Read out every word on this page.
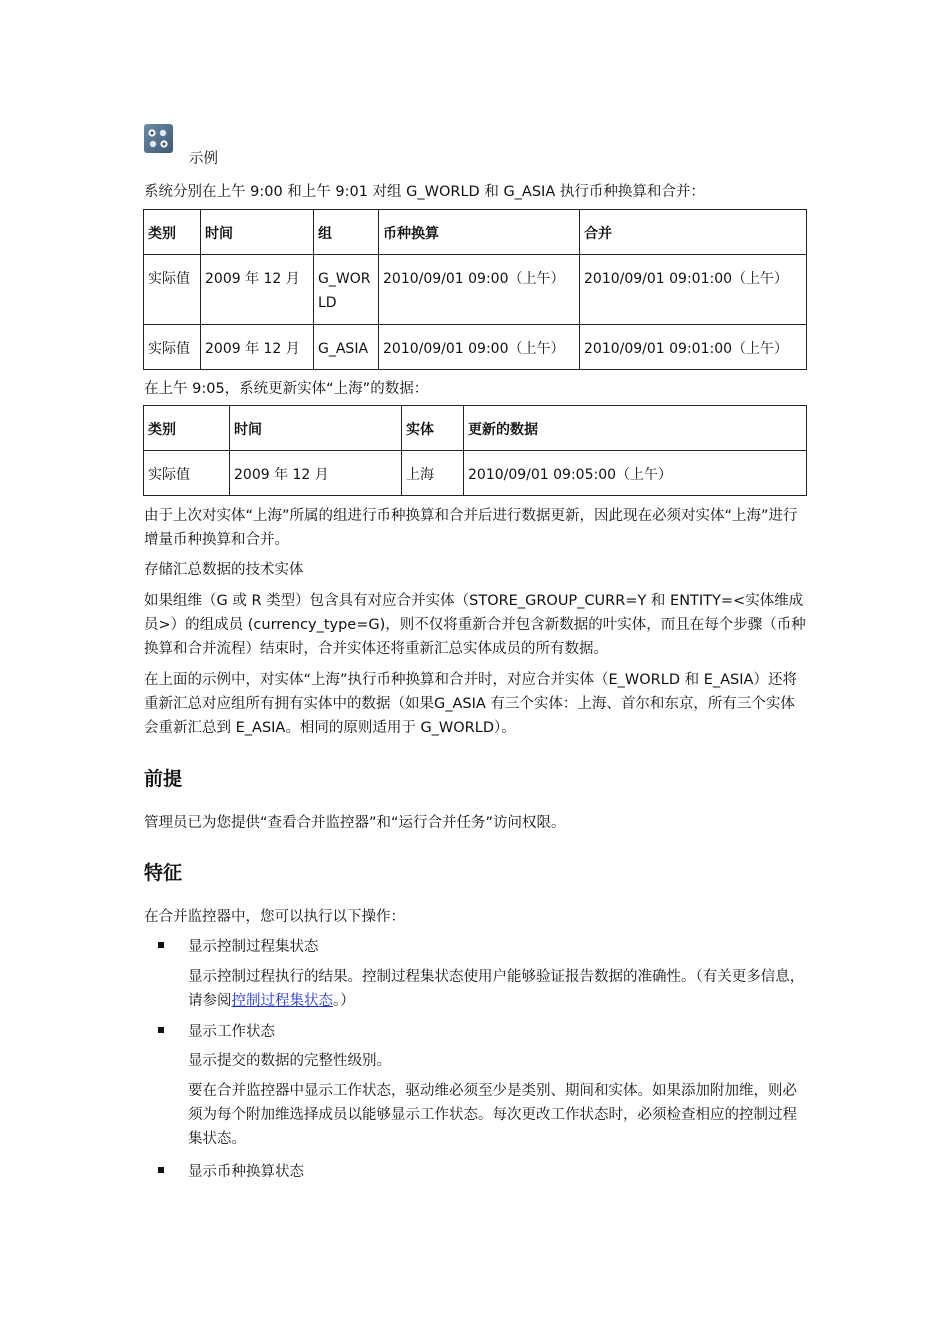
示例
系统分别在上午 9:00 和上午 9:01 对组 G_WORLD 和 G_ASIA 执行币种换算和合并：
类别	时间	组	币种换算	合并
实际值	2009 年 12 月	G_WORLD	2010/09/01 09:00（上午）	2010/09/01 09:01:00（上午）
实际值	2009 年 12 月	G_ASIA	2010/09/01 09:00（上午）	2010/09/01 09:01:00（上午）
在上午 9:05，系统更新实体“上海”的数据：
类别	时间	实体	更新的数据
实际值	2009 年 12 月	上海	2010/09/01 09:05:00（上午）
由于上次对实体“上海”所属的组进行币种换算和合并后进行数据更新，因此现在必须对实体“上海”进行增量币种换算和合并。
存储汇总数据的技术实体
如果组维（G 或 R 类型）包含具有对应合并实体（STORE_GROUP_CURR=Y 和 ENTITY=<实体维成员>）的组成员 (currency_type=G)，则不仅将重新合并包含新数据的叶实体，而且在每个步骤（币种换算和合并流程）结束时，合并实体还将重新汇总实体成员的所有数据。
在上面的示例中，对实体“上海”执行币种换算和合并时，对应合并实体（E_WORLD 和 E_ASIA）还将重新汇总对应组所有拥有实体中的数据（如果G_ASIA 有三个实体：上海、首尔和东京，所有三个实体会重新汇总到 E_ASIA。相同的原则适用于 G_WORLD）。
前提
管理员已为您提供“查看合并监控器”和“运行合并任务”访问权限。
特征
在合并监控器中，您可以执行以下操作：
显示控制过程集状态
显示控制过程执行的结果。控制过程集状态使用户能够验证报告数据的准确性。（有关更多信息，请参阅控制过程集状态。）
显示工作状态
显示提交的数据的完整性级别。
要在合并监控器中显示工作状态，驱动维必须至少是类别、期间和实体。如果添加附加维，则必须为每个附加维选择成员以能够显示工作状态。每次更改工作状态时，必须检查相应的控制过程集状态。
显示币种换算状态
